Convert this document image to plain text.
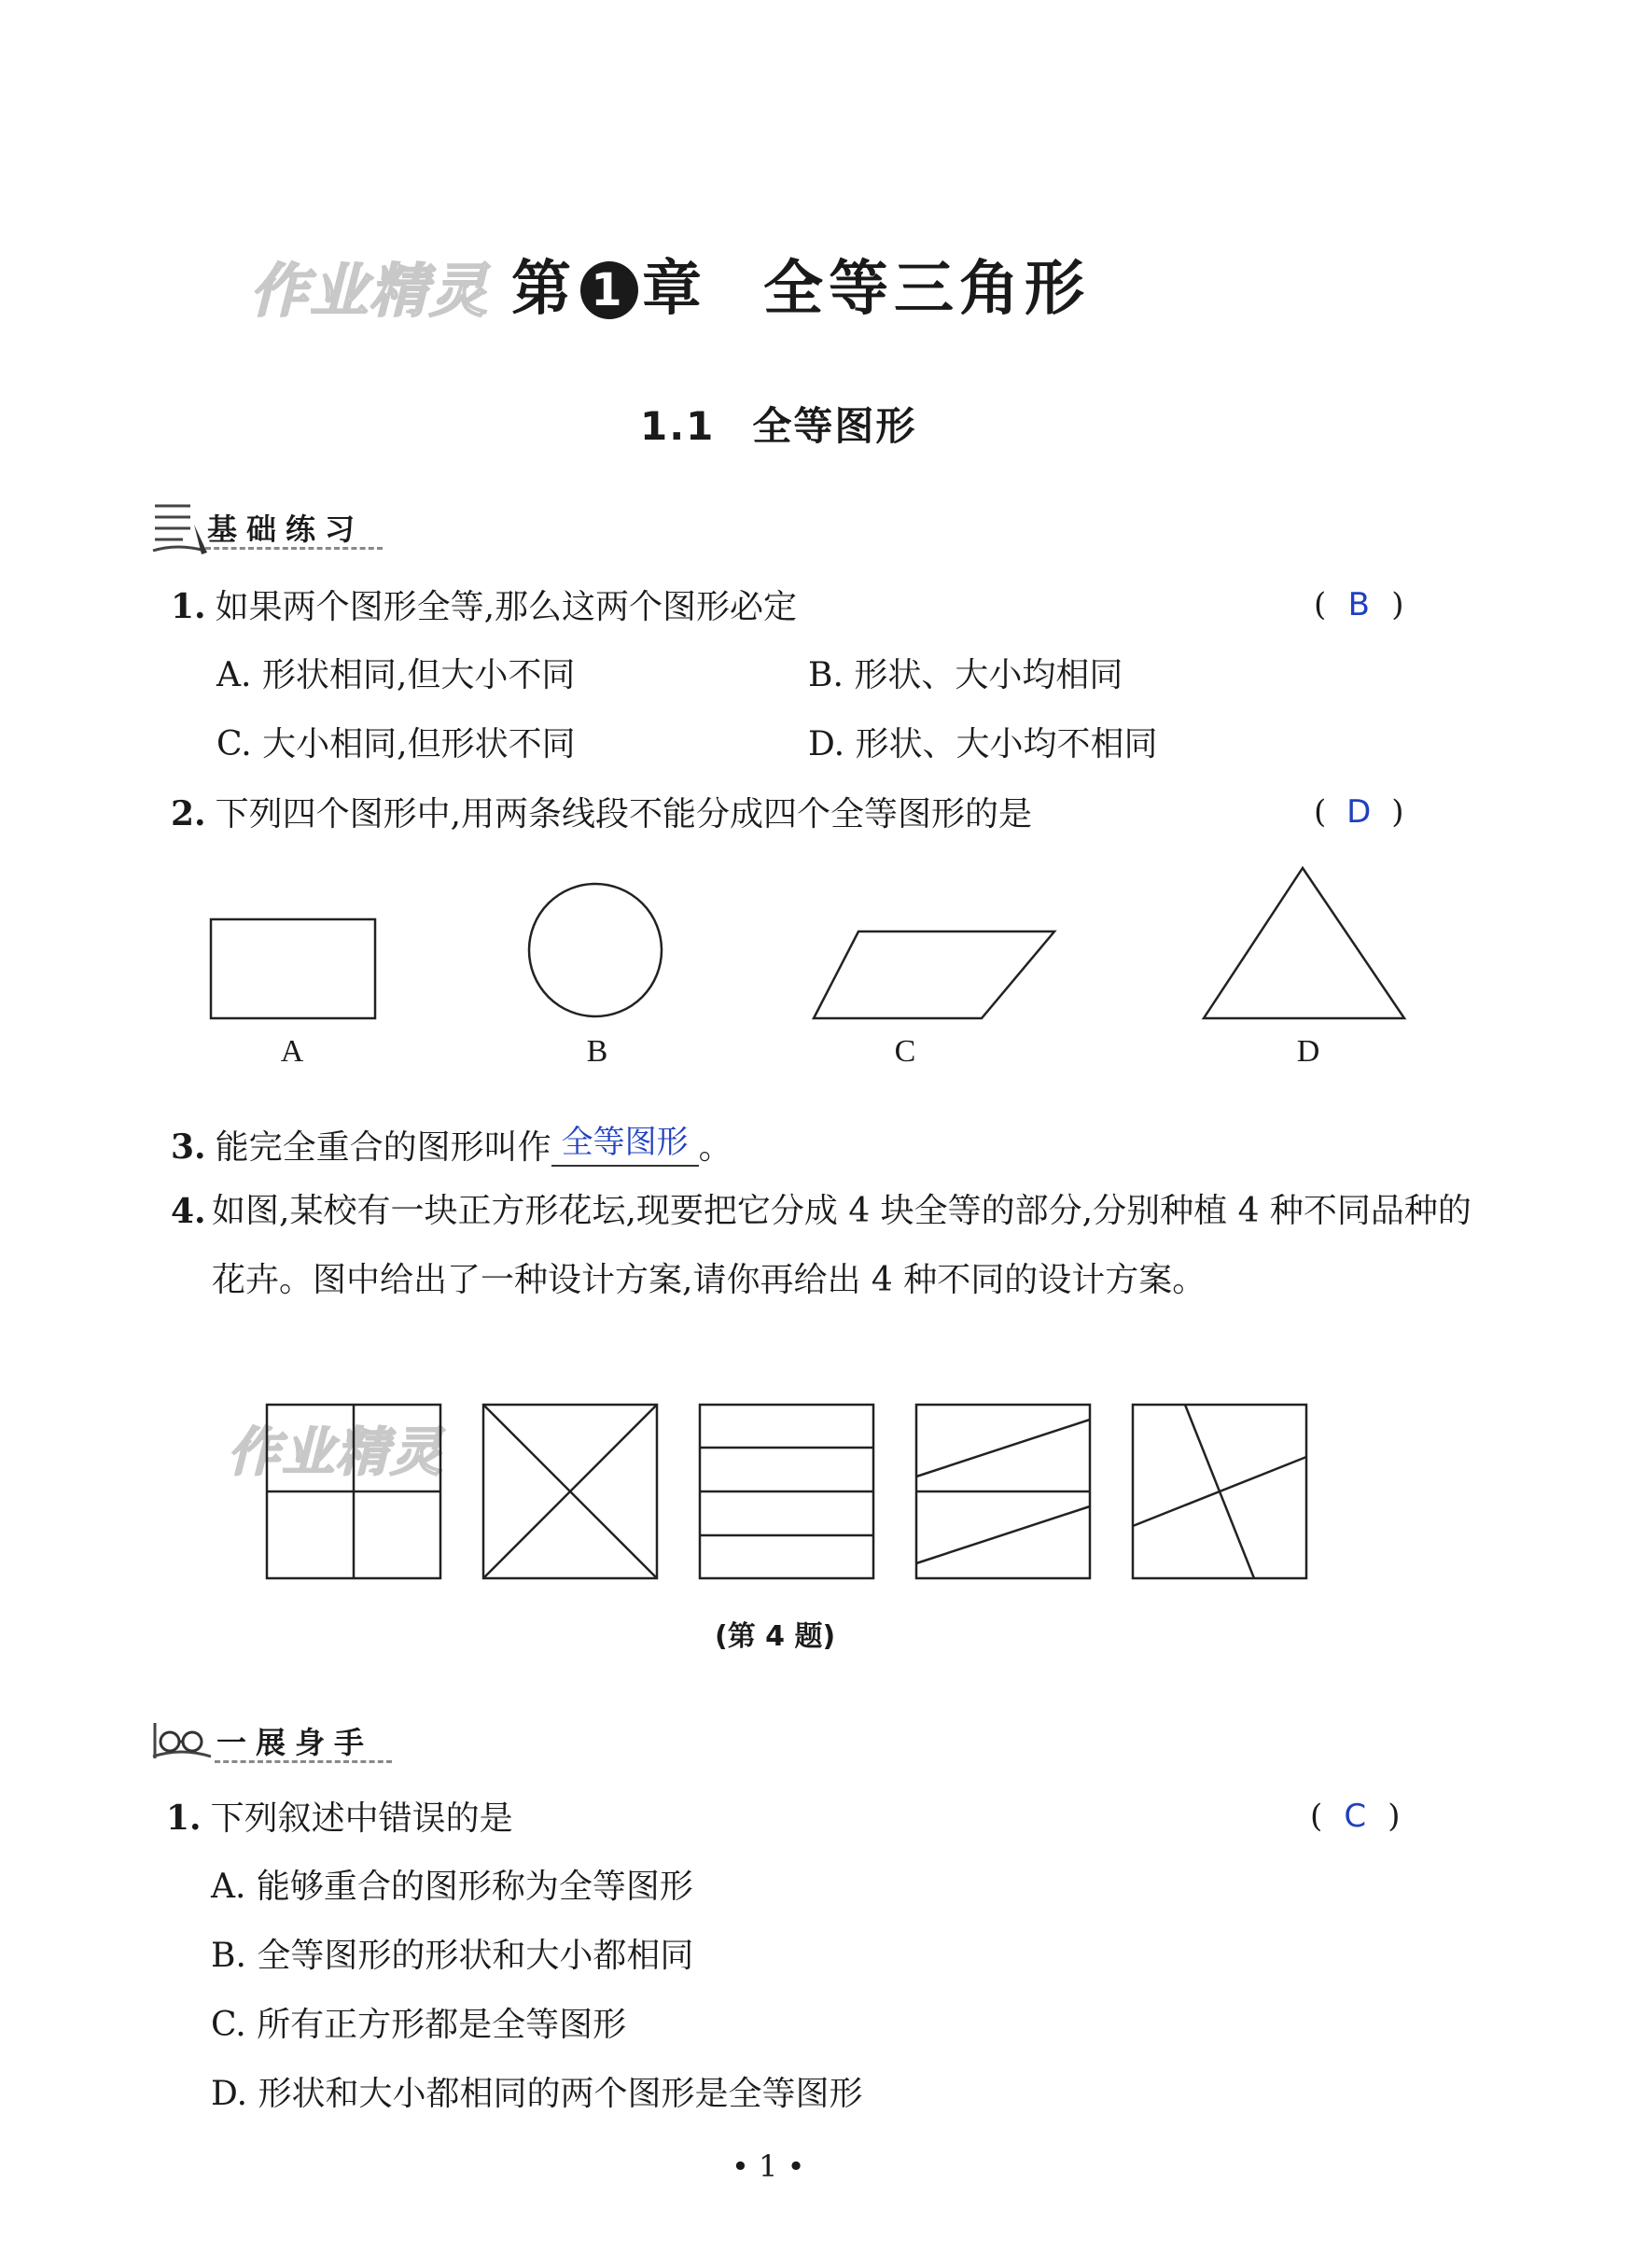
作业精灵 第 1 章 全等三角形
1.1 全等图形
基础练习
1. 如果两个图形全等,那么这两个图形必定	( B )
A. 形状相同,但大小不同	B. 形状、大小均相同
C. 大小相同,但形状不同	D. 形状、大小均不相同
2. 下列四个图形中,用两条线段不能分成四个全等图形的是	( D )
A	B	C	D
3. 能完全重合的图形叫作 全等图形 。
4. 如图,某校有一块正方形花坛,现要把它分成 4 块全等的部分,分别种植 4 种不同品种的花卉。图中给出了一种设计方案,请你再给出 4 种不同的设计方案。
作业精灵
(第 4 题)
一展身手
1. 下列叙述中错误的是	( C )
A. 能够重合的图形称为全等图形
B. 全等图形的形状和大小都相同
C. 所有正方形都是全等图形
D. 形状和大小都相同的两个图形是全等图形
• 1 •
